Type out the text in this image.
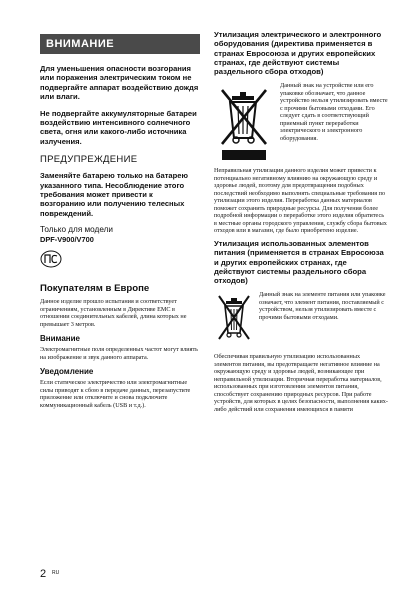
ВНИМАНИЕ

Для уменьшения опасности возгорания или поражения электрическим током не подвергайте аппарат воздействию дождя или влаги.

Не подвергайте аккумуляторные батареи воздействию интенсивного солнечного света, огня или какого-либо источника излучения.

ПРЕДУПРЕЖДЕНИЕ

Заменяйте батарею только на батарею указанного типа. Несоблюдение этого требования может привести к возгоранию или получению телесных повреждений.

Только для модели
DPF-V900/V700
Покупателям в Европе

Данное изделие прошло испытания и соответствует ограничениям, установленным в Директиве EMC в отношении соединительных кабелей, длина которых не превышает 3 метров.

Внимание

Электромагнитные поля определенных частот могут влиять на изображение и звук данного аппарата.

Уведомление

Если статическое электричество или электромагнитные силы приводят к сбою в передаче данных, перезапустите приложение или отключите и снова подключите коммуникационный кабель (USB и т.д.).

Утилизация электрического и электронного оборудования (директива применяется в странах Евросоюза и других европейских странах, где действуют системы раздельного сбора отходов)
Данный знак на устройстве или его упаковке обозначает, что данное устройство нельзя утилизировать вместе с прочими бытовыми отходами. Его следует сдать в соответствующий приемный пункт переработки электрического и электронного оборудования.

Неправильная утилизация данного изделия может привести к потенциально негативному влиянию на окружающую среду и здоровье людей, поэтому для предотвращения подобных последствий необходимо выполнять специальные требования по утилизации этого изделия. Переработка данных материалов поможет сохранить природные ресурсы. Для получения более подробной информации о переработке этого изделия обратитесь в местные органы городского управления, службу сбора бытовых отходов или в магазин, где было приобретено изделие.

Утилизация использованных элементов питания (применяется в странах Евросоюза и других европейских странах, где действуют системы раздельного сбора отходов)
Данный знак на элементе питания или упаковке означает, что элемент питания, поставляемый с устройством, нельзя утилизировать вместе с прочими бытовыми отходами.

Обеспечивая правильную утилизацию использованных элементов питания, вы предотвращаете негативное влияние на окружающую среду и здоровье людей, возникающее при неправильной утилизации. Вторичная переработка материалов, использованных при изготовлении элементов питания, способствует сохранению природных ресурсов. При работе устройств, для которых в целях безопасности, выполнения каких-либо действий или сохранения имеющихся в памяти

2 RU
